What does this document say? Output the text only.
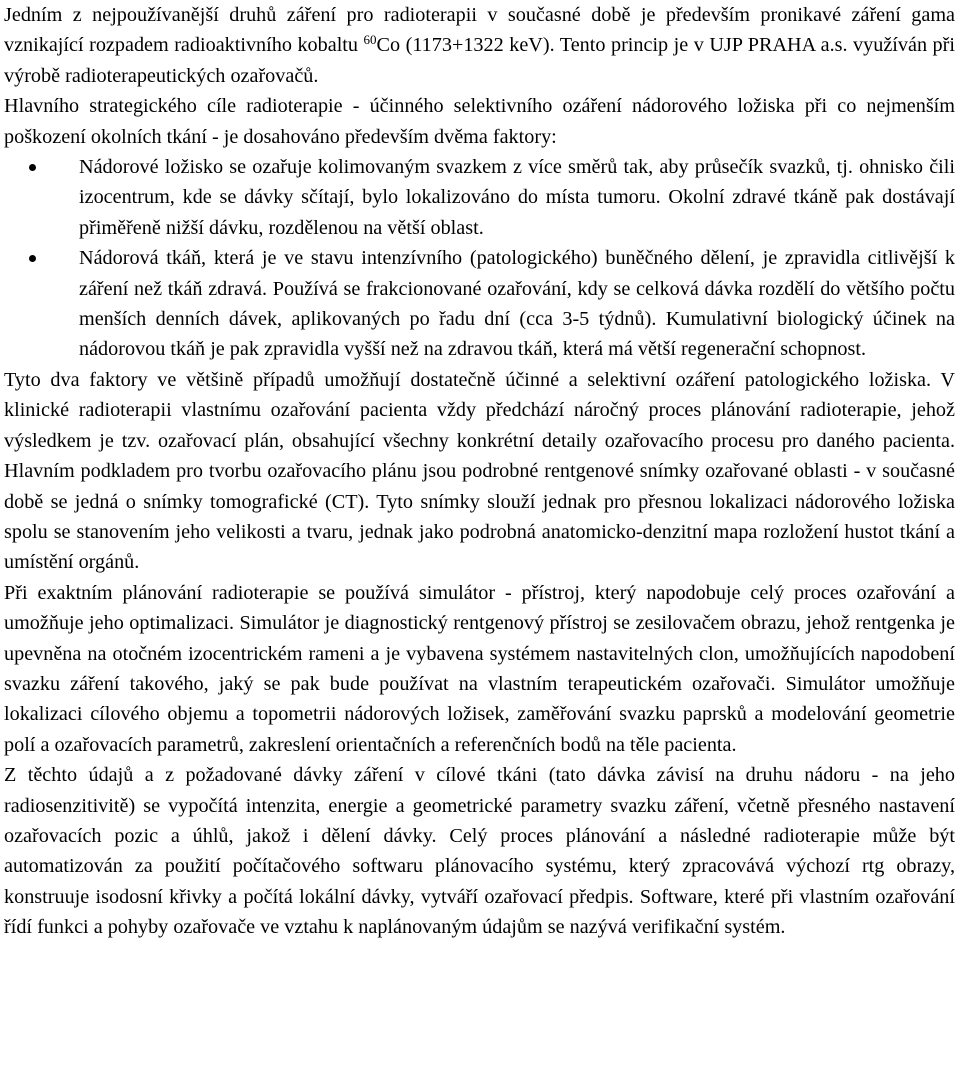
Jedním z nejpoužívanější druhů záření pro radioterapii v současné době je především pronikavé záření gama vznikající rozpadem radioaktivního kobaltu $^{60}$Co (1173+1322 keV). Tento princip je v UJP PRAHA a.s. využíván při výrobě radioterapeutických ozařovačů.

Hlavního strategického cíle radioterapie - účinného selektivního ozáření nádorového ložiska při co nejmenším poškození okolních tkání - je dosahováno především dvěma faktory:

Nádorové ložisko se ozařuje kolimovaným svazkem z více směrů tak, aby průsečík svazků, tj. ohnisko čili izocentrum, kde se dávky sčítají, bylo lokalizováno do místa tumoru. Okolní zdravé tkáně pak dostávají přiměřeně nižší dávku, rozdělenou na větší oblast.
Nádorová tkáň, která je ve stavu intenzívního (patologického) buněčného dělení, je zpravidla citlivější k záření než tkáň zdravá. Používá se frakcionované ozařování, kdy se celková dávka rozdělí do většího počtu menších denních dávek, aplikovaných po řadu dní (cca 3-5 týdnů). Kumulativní biologický účinek na nádorovou tkáň je pak zpravidla vyšší než na zdravou tkáň, která má větší regenerační schopnost.

Tyto dva faktory ve většině případů umožňují dostatečně účinné a selektivní ozáření patologického ložiska. V klinické radioterapii vlastnímu ozařování pacienta vždy předchází náročný proces plánování radioterapie, jehož výsledkem je tzv. ozařovací plán, obsahující všechny konkrétní detaily ozařovacího procesu pro daného pacienta. Hlavním podkladem pro tvorbu ozařovacího plánu jsou podrobné rentgenové snímky ozařované oblasti - v současné době se jedná o snímky tomografické (CT). Tyto snímky slouží jednak pro přesnou lokalizaci nádorového ložiska spolu se stanovením jeho velikosti a tvaru, jednak jako podrobná anatomicko-denzitní mapa rozložení hustot tkání a umístění orgánů.

Při exaktním plánování radioterapie se používá simulátor - přístroj, který napodobuje celý proces ozařování a umožňuje jeho optimalizaci. Simulátor je diagnostický rentgenový přístroj se zesilovačem obrazu, jehož rentgenka je upevněna na otočném izocentrickém rameni a je vybavena systémem nastavitelných clon, umožňujících napodobení svazku záření takového, jaký se pak bude používat na vlastním terapeutickém ozařovači. Simulátor umožňuje lokalizaci cílového objemu a topometrii nádorových ložisek, zaměřování svazku paprsků a modelování geometrie polí a ozařovacích parametrů, zakreslení orientačních a referenčních bodů na těle pacienta.

Z těchto údajů a z požadované dávky záření v cílové tkáni (tato dávka závisí na druhu nádoru - na jeho radiosenzitivitě) se vypočítá intenzita, energie a geometrické parametry svazku záření, včetně přesného nastavení ozařovacích pozic a úhlů, jakož i dělení dávky. Celý proces plánování a následné radioterapie může být automatizován za použití počítačového softwaru plánovacího systému, který zpracovává výchozí rtg obrazy, konstruuje isodosní křivky a počítá lokální dávky, vytváří ozařovací předpis. Software, které při vlastním ozařování řídí funkci a pohyby ozařovače ve vztahu k naplánovaným údajům se nazývá verifikační systém.
